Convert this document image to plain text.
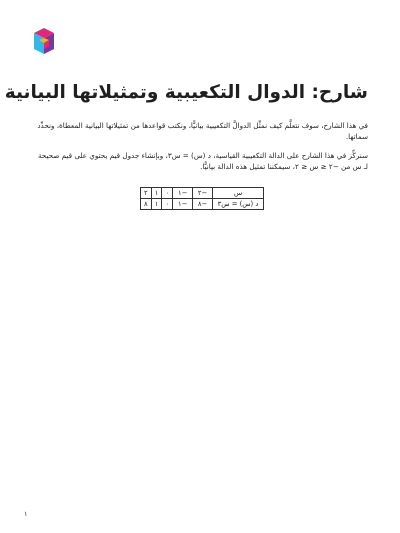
شارح: الدوال التكعيبية وتمثيلاتها البيانية

في هذا الشارح، سوف نتعلَّم كيف نمثِّل الدوالَّ التكعيبية بيانيًّا، ونكتب قواعدها من تمثيلاتها البيانية المعطاة، ونحدِّد سماتها.

سنركِّز في هذا الشارح على الدالة التكعيبية القياسية، د (س) = س٣، وبإنشاء جدول قيم يحتوي على قيم صحيحة لـ س من −٢ ≤ س ≤ ٢، سيمكننا تمثيل هذه الدالة بيانيًّا.

س	−٢	−١	٠	١	٢
د (س) = س٣	−٨	−١	٠	١	٨
١
